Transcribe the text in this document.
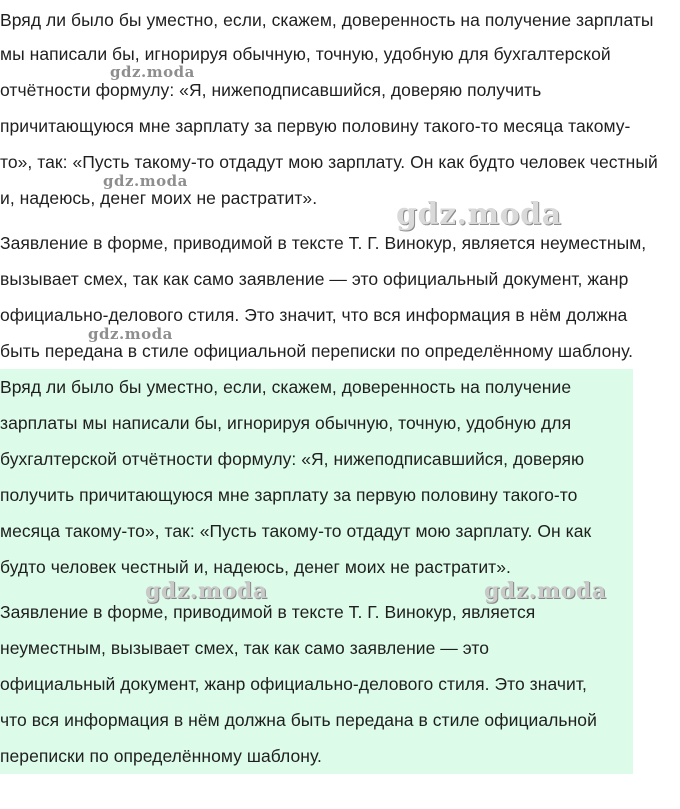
Вряд ли было бы уместно, если, скажем, доверенность на получение зарплаты
мы написали бы, игнорируя обычную, точную, удобную для бухгалтерской
отчётности формулу: «Я, нижеподписавшийся, доверяю получить
причитающуюся мне зарплату за первую половину такого-то месяца такому-
то», так: «Пусть такому-то отдадут мою зарплату. Он как будто человек честный
и, надеюсь, денег моих не растратит».
Заявление в форме, приводимой в тексте Т. Г. Винокур, является неуместным,
вызывает смех, так как само заявление — это официальный документ, жанр
официально-делового стиля. Это значит, что вся информация в нём должна
быть передана в стиле официальной переписки по определённому шаблону.
Вряд ли было бы уместно, если, скажем, доверенность на получение
зарплаты мы написали бы, игнорируя обычную, точную, удобную для
бухгалтерской отчётности формулу: «Я, нижеподписавшийся, доверяю
получить причитающуюся мне зарплату за первую половину такого-то
месяца такому-то», так: «Пусть такому-то отдадут мою зарплату. Он как
будто человек честный и, надеюсь, денег моих не растратит».
Заявление в форме, приводимой в тексте Т. Г. Винокур, является
неуместным, вызывает смех, так как само заявление — это
официальный документ, жанр официально-делового стиля. Это значит,
что вся информация в нём должна быть передана в стиле официальной
переписки по определённому шаблону.
gdz.moda
gdz.moda
gdz.moda
gdz.moda
gdz.moda	gdz.moda
